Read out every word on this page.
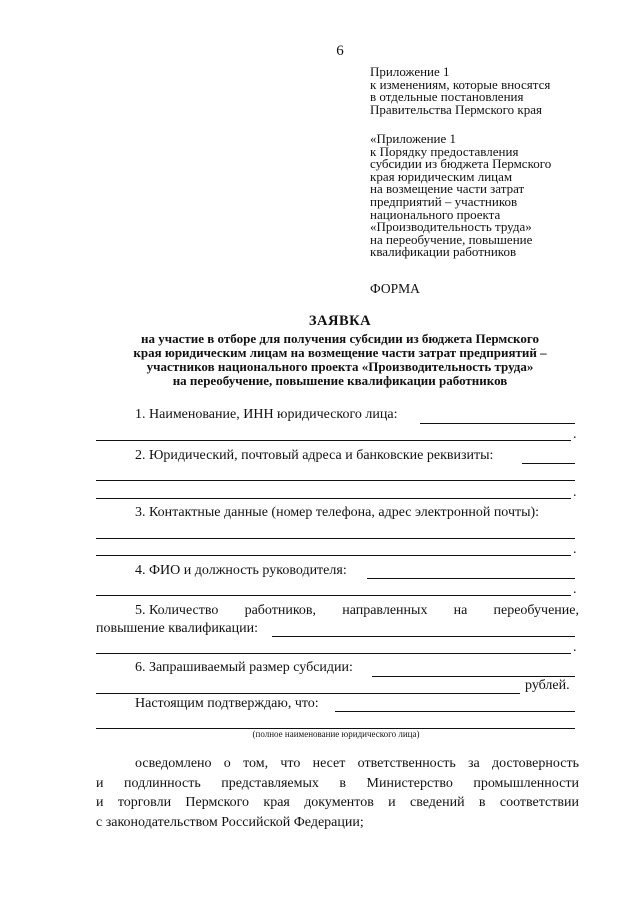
6
Приложение 1
к изменениям, которые вносятся
в отдельные постановления
Правительства Пермского края
«Приложение 1
к Порядку предоставления
субсидии из бюджета Пермского
края юридическим лицам
на возмещение части затрат
предприятий – участников
национального проекта
«Производительность труда»
на переобучение, повышение
квалификации работников
ФОРМА
ЗАЯВКА
на участие в отборе для получения субсидии из бюджета Пермского
края юридическим лицам на возмещение части затрат предприятий –
участников национального проекта «Производительность труда»
на переобучение, повышение квалификации работников
1. Наименование, ИНН юридического лица:
.
2. Юридический, почтовый адреса и банковские реквизиты:
.
3. Контактные данные (номер телефона, адрес электронной почты):
.
4. ФИО и должность руководителя:
.
5. Количество работников, направленных на переобучение,
повышение квалификации:
.
6. Запрашиваемый размер субсидии:
рублей.
Настоящим подтверждаю, что:
(полное наименование юридического лица)
осведомлено о том, что несет ответственность за достоверность
и подлинность представляемых в Министерство промышленности
и торговли Пермского края документов и сведений в соответствии
с законодательством Российской Федерации;
